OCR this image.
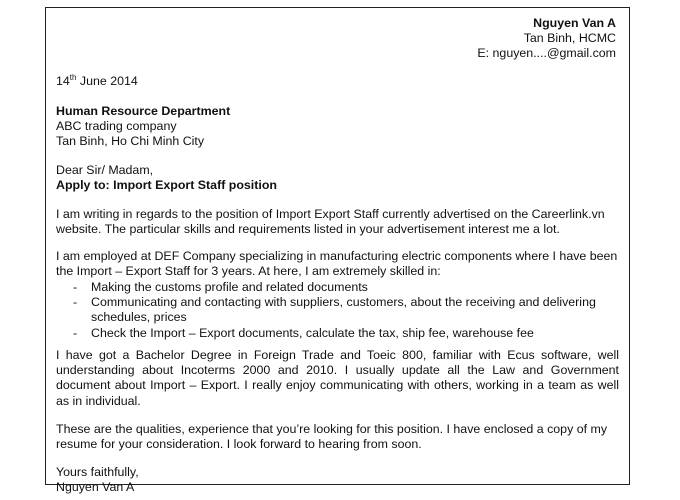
Nguyen Van A
Tan Binh, HCMC
E: nguyen....@gmail.com
14th June 2014
Human Resource Department
ABC trading company
Tan Binh, Ho Chi Minh City
Dear Sir/ Madam,
Apply to: Import Export Staff position
I am writing in regards to the position of Import Export Staff currently advertised on the Careerlink.vn
website. The particular skills and requirements listed in your advertisement interest me a lot.
I am employed at DEF Company specializing in manufacturing electric components where I have been
the Import – Export Staff for 3 years. At here, I am extremely skilled in:
- Making the customs profile and related documents
- Communicating and contacting with suppliers, customers, about the receiving and delivering
schedules, prices
- Check the Import – Export documents, calculate the tax, ship fee, warehouse fee
I have got a Bachelor Degree in Foreign Trade and Toeic 800, familiar with Ecus software, well understanding about Incoterms 2000 and 2010. I usually update all the Law and Government document about Import – Export. I really enjoy communicating with others, working in a team as well as in individual.
These are the qualities, experience that you’re looking for this position. I have enclosed a copy of my
resume for your consideration. I look forward to hearing from soon.
Yours faithfully,
Nguyen Van A
